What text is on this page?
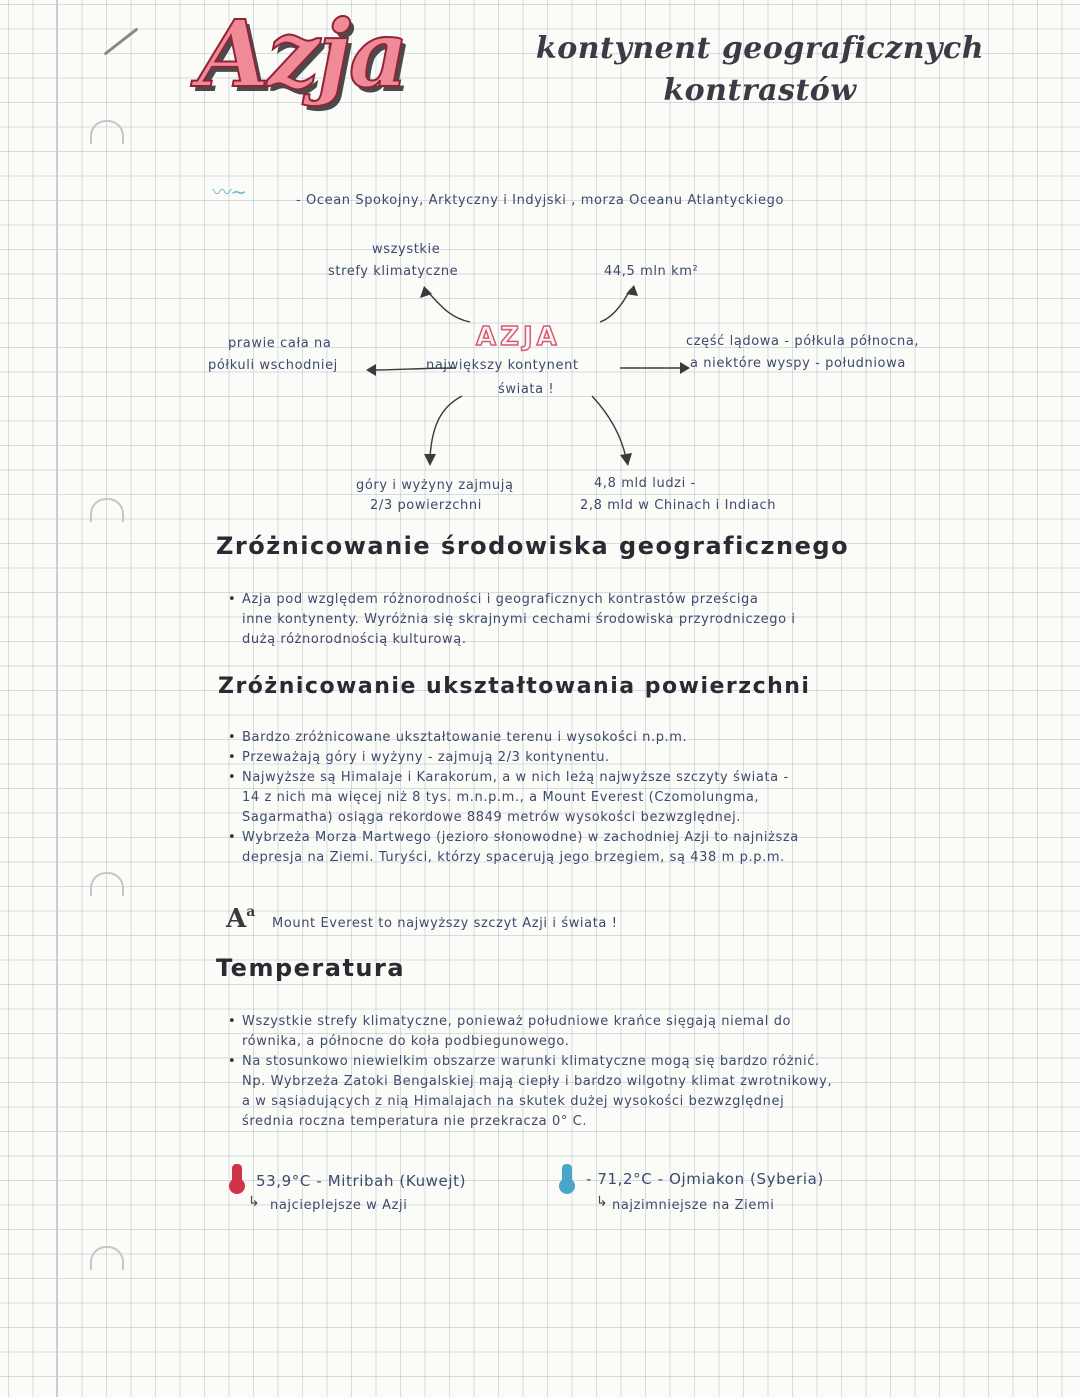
Azja	kontynent geograficznych
kontrastów
〰 ~	- Ocean Spokojny, Arktyczny i Indyjski , morza Oceanu Atlantyckiego
wszystkie
strefy klimatyczne	44,5 mln km²
AZJA
największy kontynent
świata !
prawie cała na
półkuli wschodniej
część lądowa - półkula północna,
a niektóre wyspy - południowa
góry i wyżyny zajmują
2/3 powierzchni
4,8 mld ludzi -
2,8 mld w Chinach i Indiach
Zróżnicowanie środowiska geograficznego

• Azja pod względem różnorodności i geograficznych kontrastów prześciga

inne kontynenty. Wyróżnia się skrajnymi cechami środowiska przyrodniczego i

dużą różnorodnością kulturową.

Zróżnicowanie ukształtowania powierzchni

• Bardzo zróżnicowane ukształtowanie terenu i wysokości n.p.m.

• Przeważają góry i wyżyny - zajmują 2/3 kontynentu.

• Najwyższe są Himalaje i Karakorum, a w nich leżą najwyższe szczyty świata -

14 z nich ma więcej niż 8 tys. m.n.p.m., a Mount Everest (Czomolungma,

Sagarmatha) osiąga rekordowe 8849 metrów wysokości bezwzględnej.

• Wybrzeża Morza Martwego (jezioro słonowodne) w zachodniej Azji to najniższa

depresja na Ziemi. Turyści, którzy spacerują jego brzegiem, są 438 m p.p.m.

$A^a$
Mount Everest to najwyższy szczyt Azji i świata !
Temperatura

• Wszystkie strefy klimatyczne, ponieważ południowe krańce sięgają niemal do

równika, a północne do koła podbiegunowego.

• Na stosunkowo niewielkim obszarze warunki klimatyczne mogą się bardzo różnić.

Np. Wybrzeża Zatoki Bengalskiej mają ciepły i bardzo wilgotny klimat zwrotnikowy,

a w sąsiadujących z nią Himalajach na skutek dużej wysokości bezwzględnej

średnia roczna temperatura nie przekracza 0° C.

53,9°C - Mitribah (Kuwejt)
↳ najcieplejsze w Azji
- 71,2°C - Ojmiakon (Syberia)
↳ najzimniejsze na Ziemi
